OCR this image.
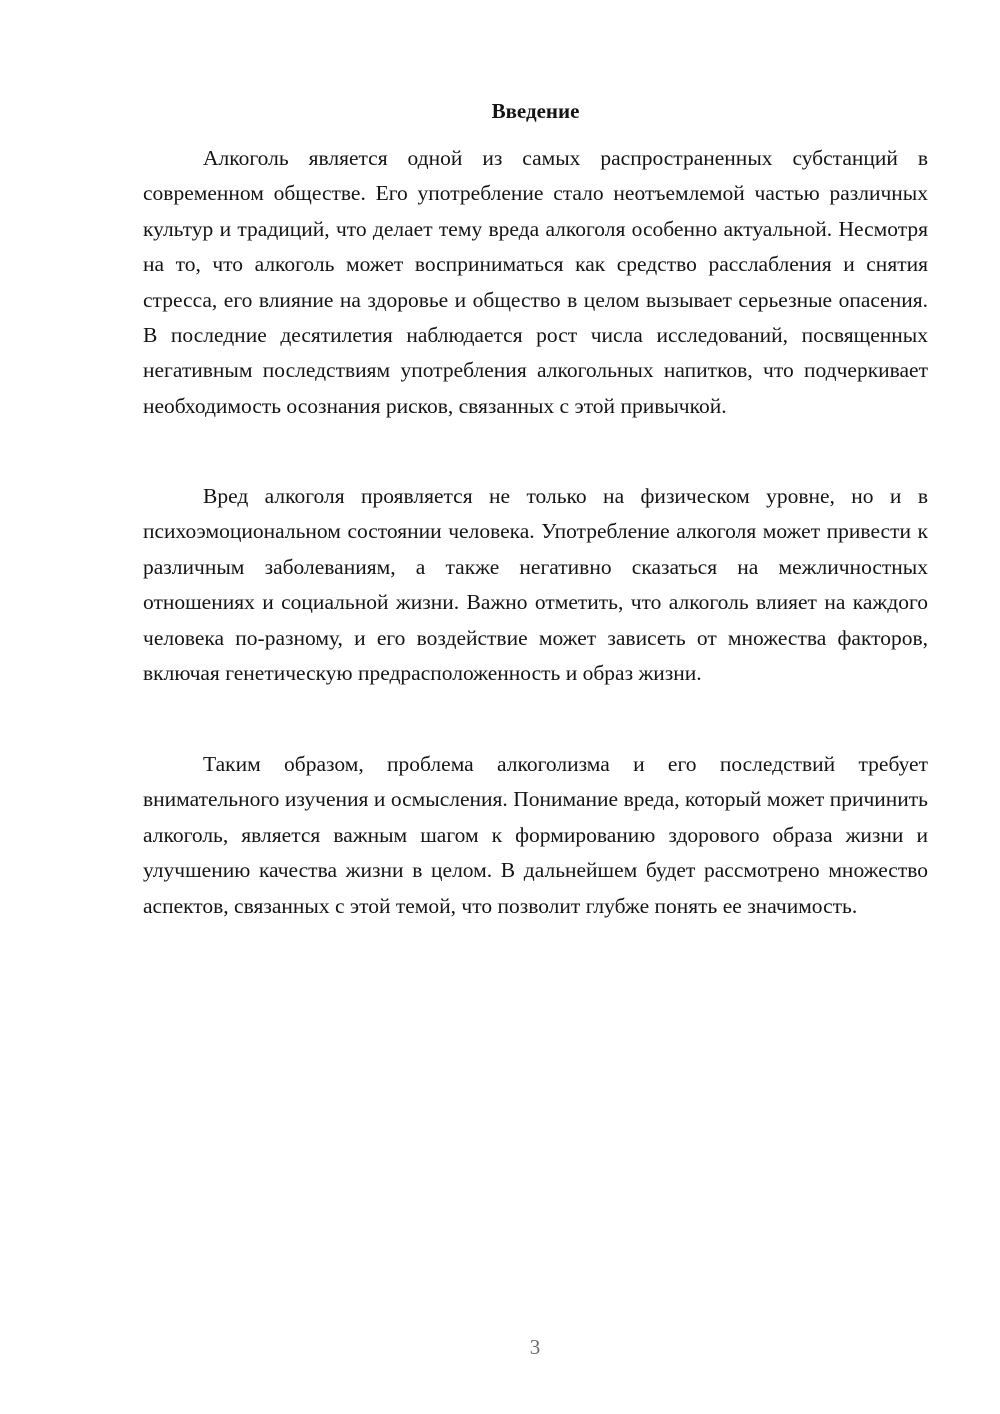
Введение

Алкоголь является одной из самых распространенных субстанций в современном обществе. Его употребление стало неотъемлемой частью различных культур и традиций, что делает тему вреда алкоголя особенно актуальной. Несмотря на то, что алкоголь может восприниматься как средство расслабления и снятия стресса, его влияние на здоровье и общество в целом вызывает серьезные опасения. В последние десятилетия наблюдается рост числа исследований, посвященных негативным последствиям употребления алкогольных напитков, что подчеркивает необходимость осознания рисков, связанных с этой привычкой.

Вред алкоголя проявляется не только на физическом уровне, но и в психоэмоциональном состоянии человека. Употребление алкоголя может привести к различным заболеваниям, а также негативно сказаться на межличностных отношениях и социальной жизни. Важно отметить, что алкоголь влияет на каждого человека по-разному, и его воздействие может зависеть от множества факторов, включая генетическую предрасположенность и образ жизни.

Таким образом, проблема алкоголизма и его последствий требует внимательного изучения и осмысления. Понимание вреда, который может причинить алкоголь, является важным шагом к формированию здорового образа жизни и улучшению качества жизни в целом. В дальнейшем будет рассмотрено множество аспектов, связанных с этой темой, что позволит глубже понять ее значимость.

3
